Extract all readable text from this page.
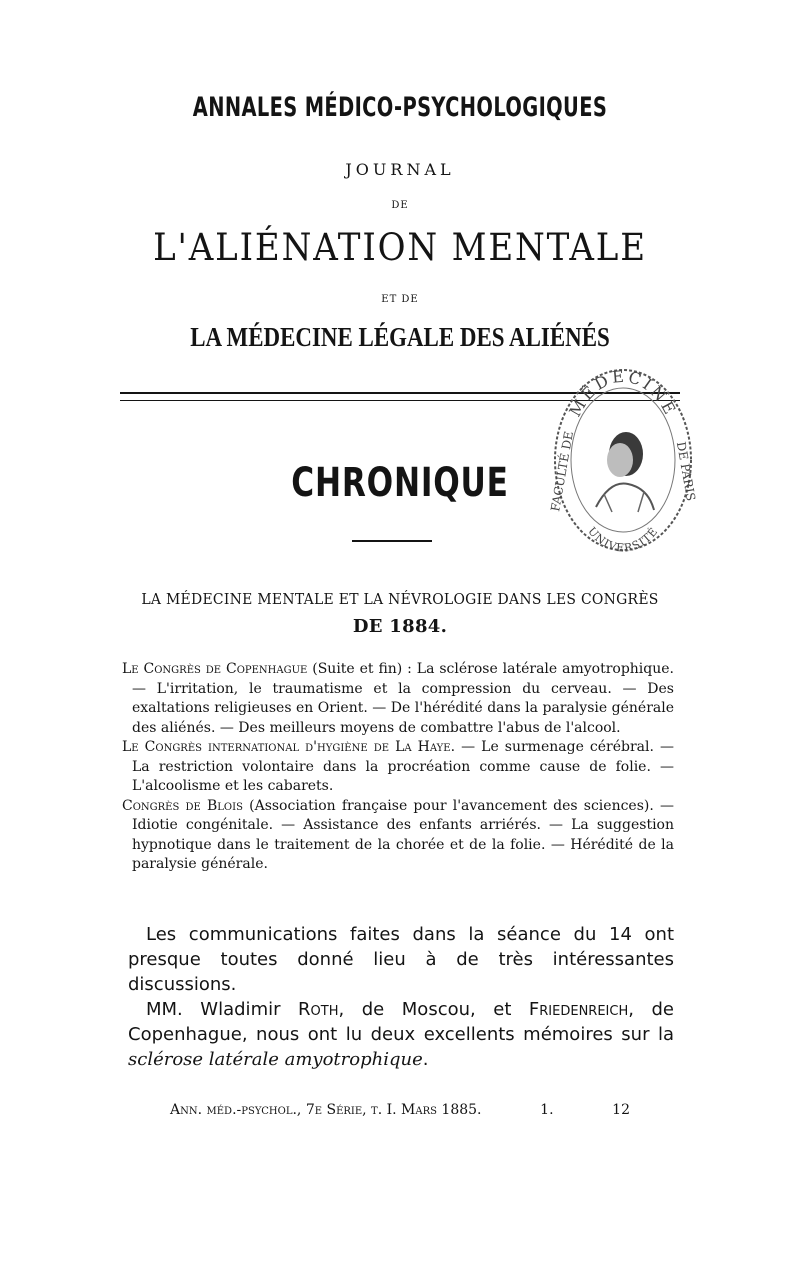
ANNALES MÉDICO-PSYCHOLOGIQUES
JOURNAL
DE
L'ALIÉNATION MENTALE
ET DE
LA MÉDECINE LÉGALE DES ALIÉNÉS
CHRONIQUE
MÉDECINE
UNIVERSITÉ
FACULTÉ DE	DE PARIS
LA MÉDECINE MENTALE ET LA NÉVROLOGIE DANS LES CONGRÈS
DE 1884.

Le Congrès de Copenhague (Suite et fin) : La sclérose latérale amyotrophique. — L'irritation, le traumatisme et la compression du cerveau. — Des exaltations religieuses en Orient. — De l'hérédité dans la paralysie générale des aliénés. — Des meilleurs moyens de combattre l'abus de l'alcool.

Le Congrès international d'hygiène de La Haye. — Le surmenage cérébral. — La restriction volontaire dans la procréation comme cause de folie. — L'alcoolisme et les cabarets.

Congrès de Blois (Association française pour l'avancement des sciences). — Idiotie congénitale. — Assistance des enfants arriérés. — La suggestion hypnotique dans le traitement de la chorée et de la folie. — Hérédité de la paralysie générale.

Les communications faites dans la séance du 14 ont presque toutes donné lieu à de très intéressantes discussions.

MM. Wladimir Roth, de Moscou, et Friedenreich, de Copenhague, nous ont lu deux excellents mémoires sur la sclérose latérale amyotrophique.

Ann. méd.-psychol., 7e Série, t. I. Mars 1885.	1.	12
